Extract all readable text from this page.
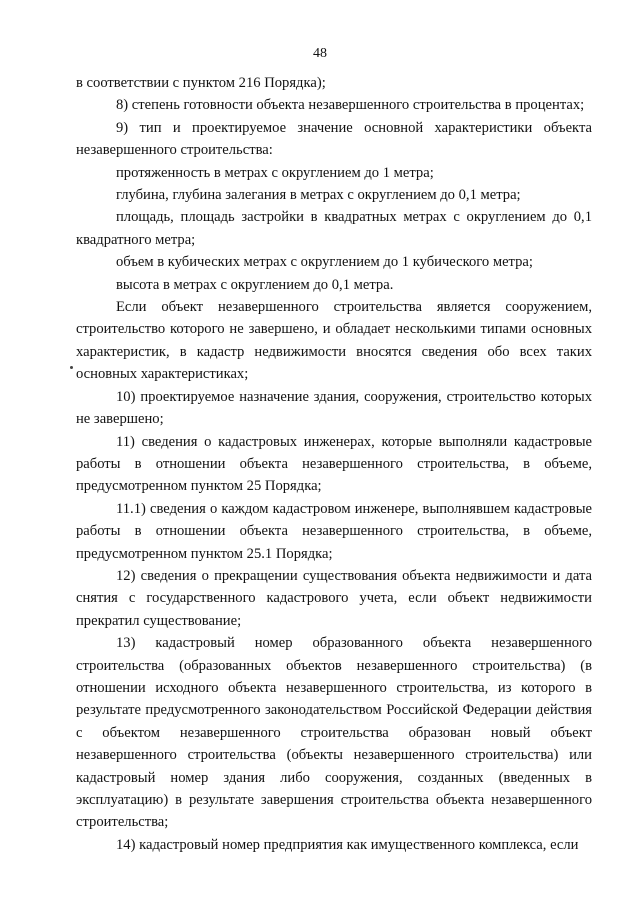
48

в соответствии с пунктом 216 Порядка);

8) степень готовности объекта незавершенного строительства в процентах;

9) тип и проектируемое значение основной характеристики объекта незавершенного строительства:

протяженность в метрах с округлением до 1 метра;

глубина, глубина залегания в метрах с округлением до 0,1 метра;

площадь, площадь застройки в квадратных метрах с округлением до 0,1 квадратного метра;

объем в кубических метрах с округлением до 1 кубического метра;

высота в метрах с округлением до 0,1 метра.

Если объект незавершенного строительства является сооружением, строительство которого не завершено, и обладает несколькими типами основных характеристик, в кадастр недвижимости вносятся сведения обо всех таких основных характеристиках;

10) проектируемое назначение здания, сооружения, строительство которых не завершено;

11) сведения о кадастровых инженерах, которые выполняли кадастровые работы в отношении объекта незавершенного строительства, в объеме, предусмотренном пунктом 25 Порядка;

11.1) сведения о каждом кадастровом инженере, выполнявшем кадастровые работы в отношении объекта незавершенного строительства, в объеме, предусмотренном пунктом 25.1 Порядка;

12) сведения о прекращении существования объекта недвижимости и дата снятия с государственного кадастрового учета, если объект недвижимости прекратил существование;

13) кадастровый номер образованного объекта незавершенного строительства (образованных объектов незавершенного строительства) (в отношении исходного объекта незавершенного строительства, из которого в результате предусмотренного законодательством Российской Федерации действия с объектом незавершенного строительства образован новый объект незавершенного строительства (объекты незавершенного строительства) или кадастровый номер здания либо сооружения, созданных (введенных в эксплуатацию) в результате завершения строительства объекта незавершенного строительства;

14) кадастровый номер предприятия как имущественного комплекса, если
